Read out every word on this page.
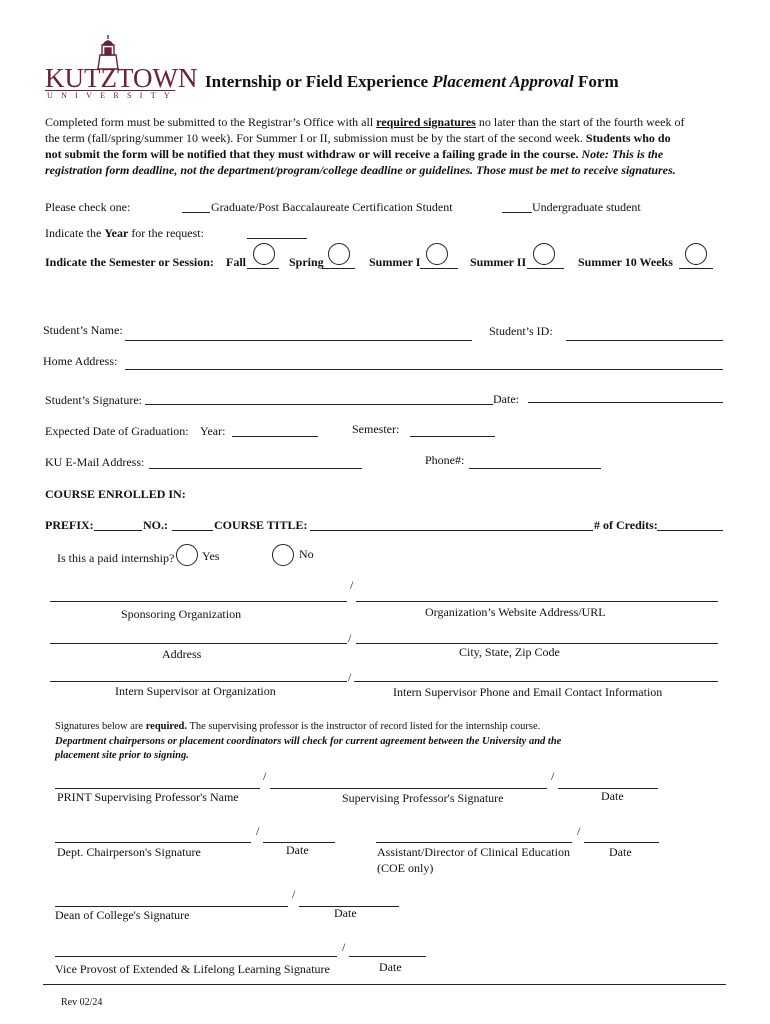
KUTZTOWN
UNIVERSITY
Internship or Field Experience Placement Approval Form
Completed form must be submitted to the Registrar’s Office with all required signatures no later than the start of the fourth week of
the term (fall/spring/summer 10 week). For Summer I or II, submission must be by the start of the second week. Students who do
not submit the form will be notified that they must withdraw or will receive a failing grade in the course. Note: This is the
registration form deadline, not the department/program/college deadline or guidelines. Those must be met to receive signatures.
Please check one:	Graduate/Post Baccalaureate Certification Student	Undergraduate student
Indicate the Year for the request:
Indicate the Semester or Session: Fall	Spring	Summer I	Summer II	Summer 10 Weeks
Student’s Name:	Student’s ID:
Home Address:
Student’s Signature:	Date:
Expected Date of Graduation: Year:	Semester:
KU E-Mail Address:	Phone#:
COURSE ENROLLED IN:
PREFIX:	NO.:	COURSE TITLE:	# of Credits:
Is this a paid internship? Yes	No
/
Sponsoring Organization	Organization’s Website Address/URL
/
Address	City, State, Zip Code
/
Intern Supervisor at Organization	Intern Supervisor Phone and Email Contact Information
Signatures below are required. The supervising professor is the instructor of record listed for the internship course.
Department chairpersons or placement coordinators will check for current agreement between the University and the
placement site prior to signing.
/	/
PRINT Supervising Professor's Name	Supervising Professor's Signature	Date
/	/
Dept. Chairperson's Signature	Date	Assistant/Director of Clinical Education
(COE only)
Date
/
Dean of College's Signature	Date
/
Vice Provost of Extended & Lifelong Learning Signature	Date
Rev 02/24
